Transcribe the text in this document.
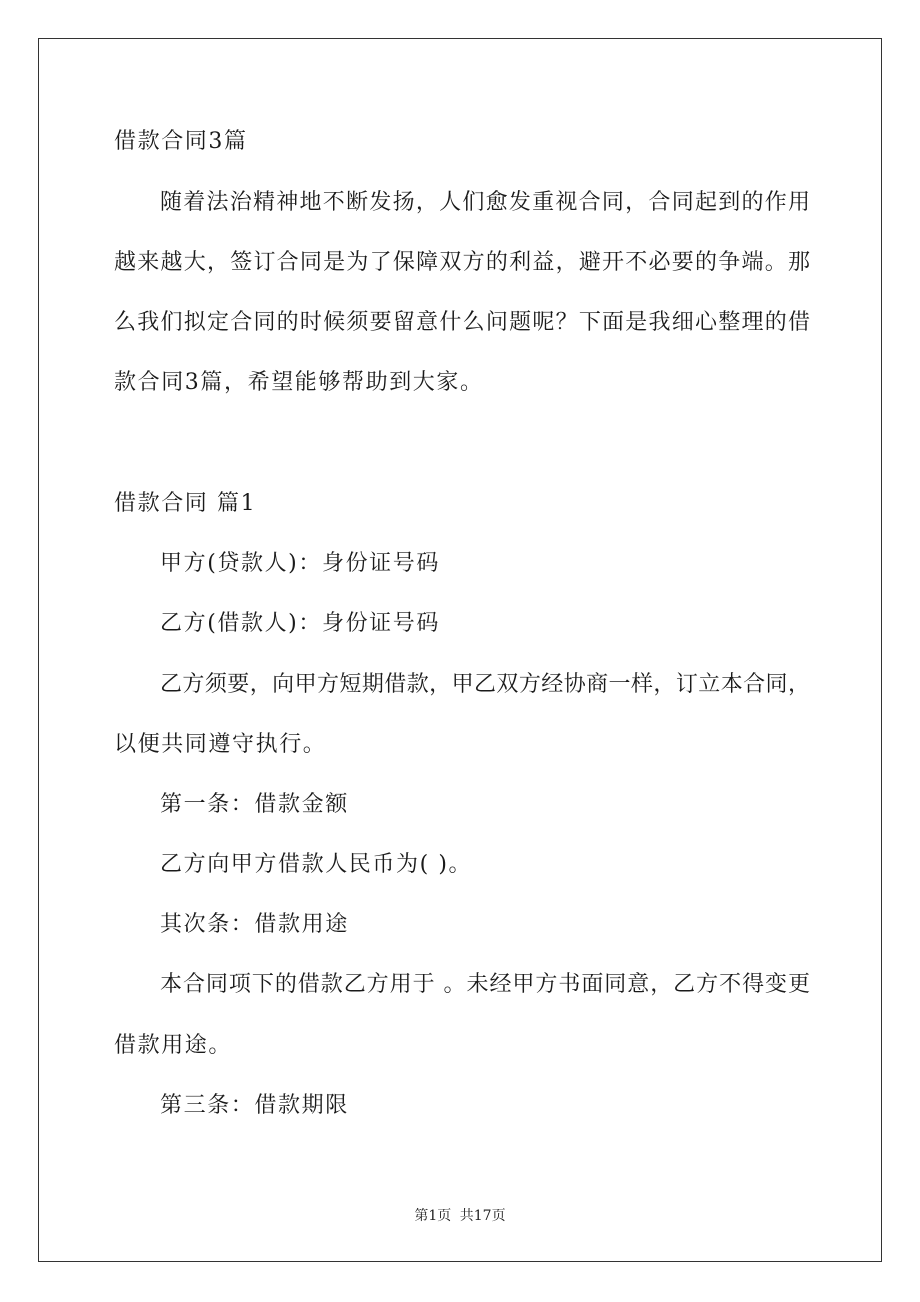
借款合同3篇
随着法治精神地不断发扬，人们愈发重视合同，合同起到的作用
越来越大，签订合同是为了保障双方的利益，避开不必要的争端。那
么我们拟定合同的时候须要留意什么问题呢？下面是我细心整理的借
款合同3篇，希望能够帮助到大家。
借款合同 篇1
甲方(贷款人)：身份证号码
乙方(借款人)：身份证号码
乙方须要，向甲方短期借款，甲乙双方经协商一样，订立本合同，
以便共同遵守执行。
第一条：借款金额
乙方向甲方借款人民币为( )。
其次条：借款用途
本合同项下的借款乙方用于 。未经甲方书面同意，乙方不得变更
借款用途。
第三条：借款期限
第1页 共17页
